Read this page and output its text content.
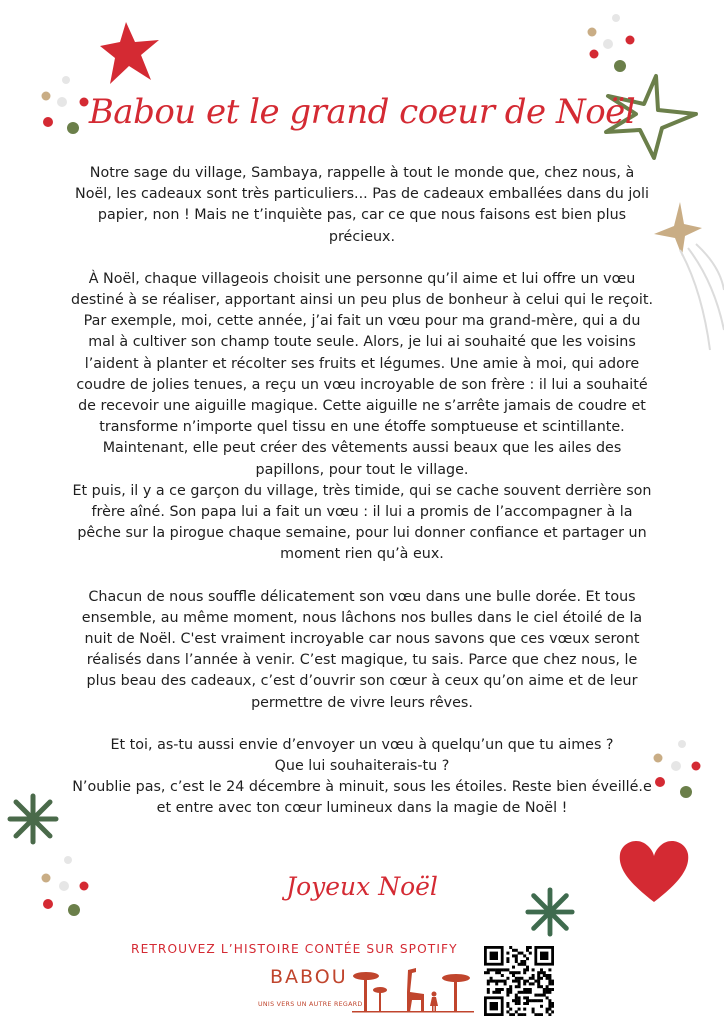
Babou et le grand coeur de Noël

Notre sage du village, Sambaya, rappelle à tout le monde que, chez nous, à Noël, les cadeaux sont très particuliers... Pas de cadeaux emballées dans du joli papier, non ! Mais ne t’inquiète pas, car ce que nous faisons est bien plus précieux.

À Noël, chaque villageois choisit une personne qu’il aime et lui offre un vœu destiné à se réaliser, apportant ainsi un peu plus de bonheur à celui qui le reçoit.

Par exemple, moi, cette année, j’ai fait un vœu pour ma grand-mère, qui a du mal à cultiver son champ toute seule. Alors, je lui ai souhaité que les voisins l’aident à planter et récolter ses fruits et légumes. Une amie à moi, qui adore coudre de jolies tenues, a reçu un vœu incroyable de son frère : il lui a souhaité de recevoir une aiguille magique. Cette aiguille ne s’arrête jamais de coudre et transforme n’importe quel tissu en une étoffe somptueuse et scintillante. Maintenant, elle peut créer des vêtements aussi beaux que les ailes des papillons, pour tout le village.

Et puis, il y a ce garçon du village, très timide, qui se cache souvent derrière son frère aîné. Son papa lui a fait un vœu : il lui a promis de l’accompagner à la pêche sur la pirogue chaque semaine, pour lui donner confiance et partager un moment rien qu’à eux.

Chacun de nous souffle délicatement son vœu dans une bulle dorée. Et tous ensemble, au même moment, nous lâchons nos bulles dans le ciel étoilé de la nuit de Noël. C'est vraiment incroyable car nous savons que ces vœux seront réalisés dans l’année à venir. C’est magique, tu sais. Parce que chez nous, le plus beau des cadeaux, c’est d’ouvrir son cœur à ceux qu’on aime et de leur permettre de vivre leurs rêves.

Et toi, as-tu aussi envie d’envoyer un vœu à quelqu’un que tu aimes ?

Que lui souhaiterais-tu ?

N’oublie pas, c’est le 24 décembre à minuit, sous les étoiles. Reste bien éveillé.e et entre avec ton cœur lumineux dans la magie de Noël !

Joyeux Noël
RETROUVEZ L’HISTOIRE CONTÉE SUR SPOTIFY
BABOU
UNIS VERS UN AUTRE REGARD
